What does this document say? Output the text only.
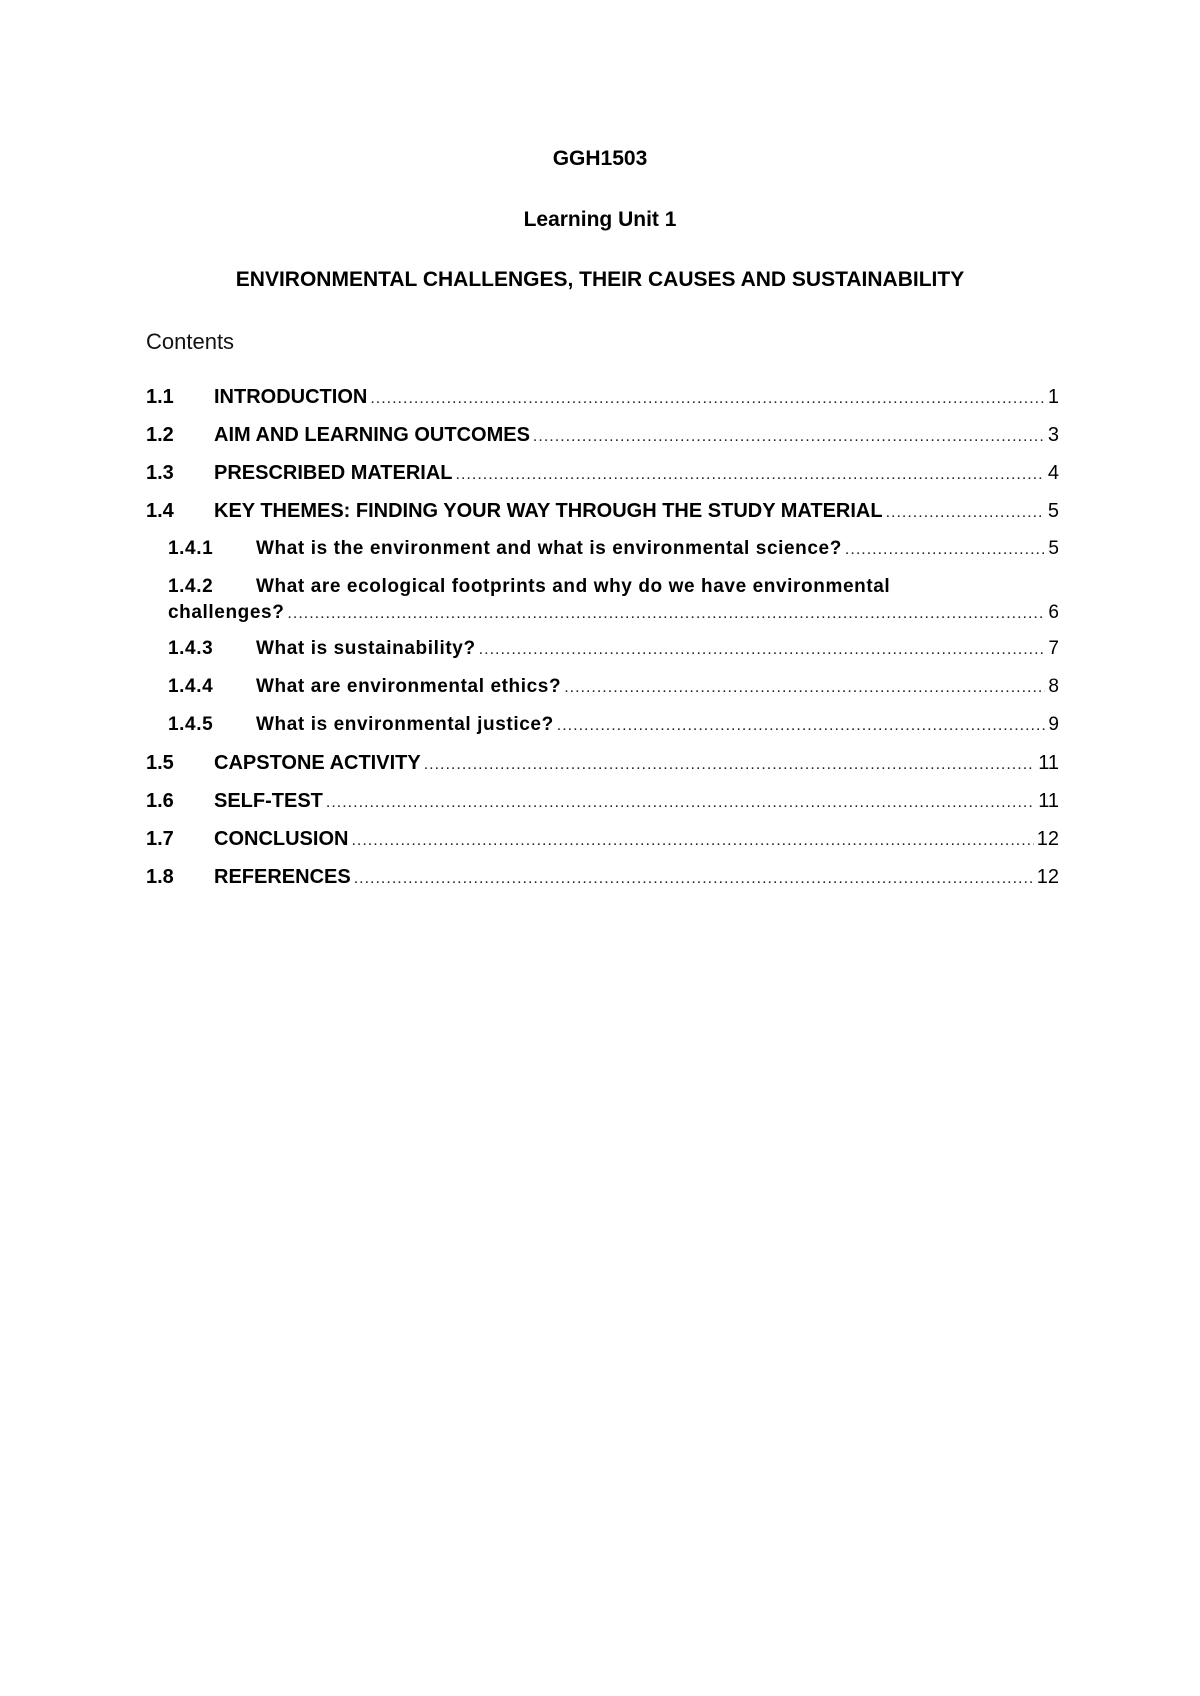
GGH1503
Learning Unit 1
ENVIRONMENTAL CHALLENGES, THEIR CAUSES AND SUSTAINABILITY
Contents
1.1	INTRODUCTION .....	1
1.2	AIM AND LEARNING OUTCOMES .....	3
1.3	PRESCRIBED MATERIAL .....	4
1.4	KEY THEMES: FINDING YOUR WAY THROUGH THE STUDY MATERIAL .....	5
1.4.1	What is the environment and what is environmental science? .....	5
1.4.2	What are ecological footprints and why do we have environmental
challenges? .....	6
1.4.3	What is sustainability? .....	7
1.4.4	What are environmental ethics? .....	8
1.4.5	What is environmental justice? .....	9
1.5	CAPSTONE ACTIVITY .....	11
1.6	SELF-TEST .....	11
1.7	CONCLUSION .....	12
1.8	REFERENCES .....	12
